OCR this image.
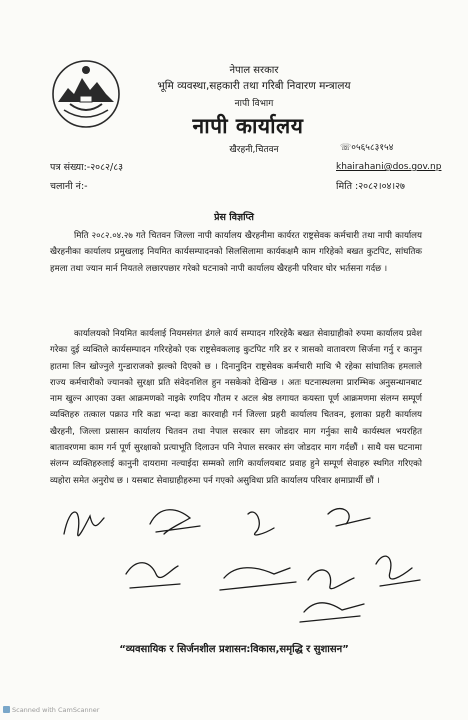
नेपाल सरकार
भूमि व्यवस्था,सहकारी तथा गरिबी निवारण मन्त्रालय
नापी विभाग
नापी कार्यालय
खैरहनी,चितवन	☏०५६५८३१५४
khairahani@dos.gov.np
पत्र संख्या:-२०८२/८३
चलानी नं:-	मिति :२०८२।०४।२७
प्रेस विज्ञप्ति

मिति २०८२.०४.२७ गते चितवन जिल्ला नापी कार्यालय खैरहनीमा कार्यरत राष्ट्रसेवक कर्मचारी तथा नापी कार्यालय खैरहनीका कार्यालय प्रमुखलाइ नियमित कार्यसम्पादनको सिलसिलामा कार्यकक्षमै काम गरिहेको बखत कुटपिट, सांघतिक हमला तथा ज्यान मार्न नियतले लछारपछार गरेको घटनाको नापी कार्यालय खैरहनी परिवार घोर भर्तसना गर्दछ ।

कार्यालयको नियमित कार्यलाई नियमसंगत ढंगले कार्य सम्पादन गरिरहेकै बखत सेवाग्राहीको रुपमा कार्यालय प्रवेश गरेका दुई व्यक्तिले कार्यसम्पादन गरिरहेको एक राष्ट्रसेवकलाइ कुटपिट गरि डर र त्रासको वातावरण सिर्जना गर्नु र कानुन हातमा लिन खोज्नुले गुन्डाराजको झल्को दिएको छ । दिनानुदिन राष्ट्रसेवक कर्मचारी माथि भै रहेका सांघातिक हमलाले राज्य कर्मचारीको ज्यानको सुरक्षा प्रति संवेदनशिल हुन नसकेको देखिन्छ । अतः घटनास्थलमा प्रारम्भिक अनुसन्धानबाट नाम खुल्न आएका उक्त आक्रमणको नाइके रणदिप गौतम र अटल श्रेष्ठ लगायत कयस्ता पूर्ण आक्रमणमा संलग्न सम्पूर्ण व्यक्तिहरु तत्काल पक्राउ गरि कडा भन्दा कडा कारवाही गर्न जिल्ला प्रहरी कार्यालय चितवन, इलाका प्रहरी कार्यालय खैरहनी, जिल्ला प्रसासन कार्यालय चितवन तथा नेपाल सरकार सग जोडदार माग गर्नुका साथै कार्यस्थल भयरहित बातावरणमा काम गर्न पूर्ण सुरक्षाको प्रत्याभूति दिलाउन पनि नेपाल सरकार संग जोडदार माग गर्दछौं । साथै यस घटनामा संलग्न व्यक्तिहरुलाई कानुनी दायरामा नल्याईदा सम्मको लागि कार्यालयबाट प्रवाह हुने सम्पूर्ण सेवाहरु स्थगित गरिएको व्यहोरा समेत अनुरोध छ । यसबाट सेवाग्राहीहरुमा पर्न गएको असुविधा प्रति कार्यालय परिवार क्षमाप्रार्थी छौं ।

“व्यवसायिक र सिर्जनशील प्रशासन:विकास,समृद्धि र सुशासन”
Scanned with CamScanner
